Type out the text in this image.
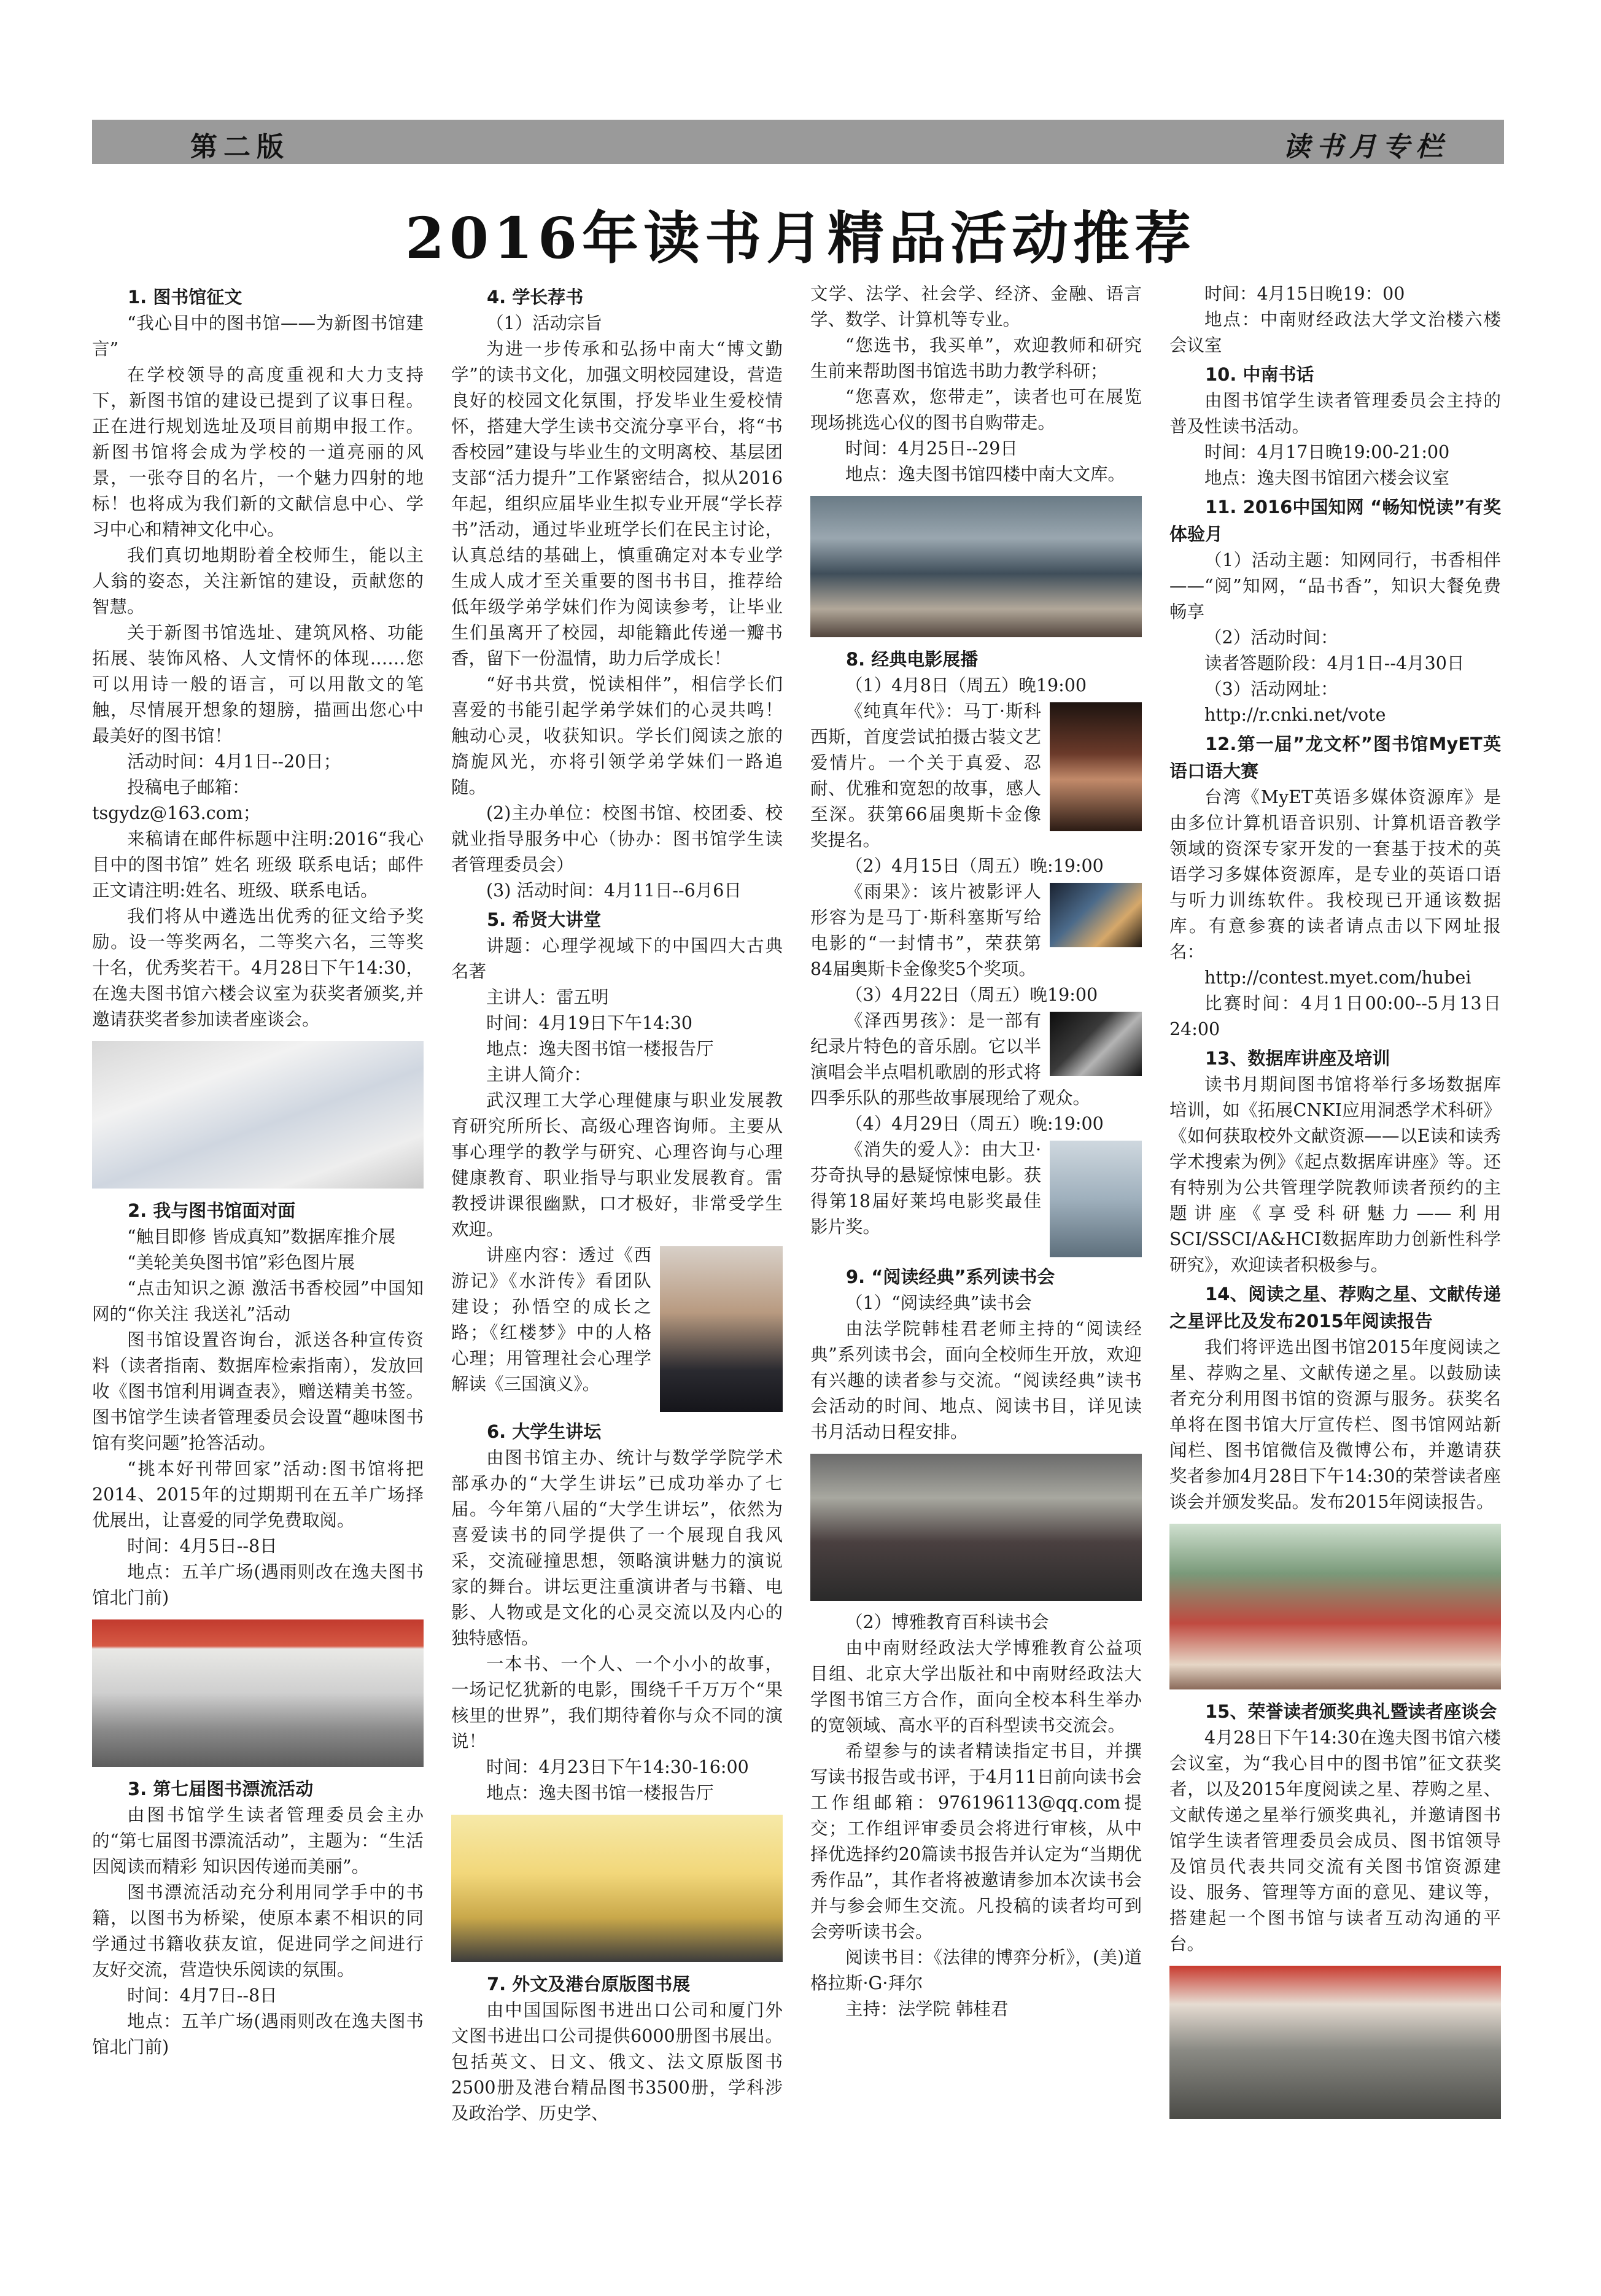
第二版	读书月专栏
2016年读书月精品活动推荐
1. 图书馆征文

“我心目中的图书馆——为新图书馆建言”

在学校领导的高度重视和大力支持下，新图书馆的建设已提到了议事日程。正在进行规划选址及项目前期申报工作。新图书馆将会成为学校的一道亮丽的风景，一张夺目的名片，一个魅力四射的地标！也将成为我们新的文献信息中心、学习中心和精神文化中心。

我们真切地期盼着全校师生，能以主人翁的姿态，关注新馆的建设，贡献您的智慧。

关于新图书馆选址、建筑风格、功能拓展、装饰风格、人文情怀的体现……您可以用诗一般的语言，可以用散文的笔触，尽情展开想象的翅膀，描画出您心中最美好的图书馆！

活动时间：4月1日--20日；

投稿电子邮箱：

tsgydz@163.com；

来稿请在邮件标题中注明:2016“我心目中的图书馆” 姓名 班级 联系电话；邮件正文请注明:姓名、班级、联系电话。

我们将从中遴选出优秀的征文给予奖励。设一等奖两名，二等奖六名，三等奖十名，优秀奖若干。4月28日下午14:30，在逸夫图书馆六楼会议室为获奖者颁奖,并邀请获奖者参加读者座谈会。

2. 我与图书馆面对面

“触目即修 皆成真知”数据库推介展

“美轮美奂图书馆”彩色图片展

“点击知识之源 激活书香校园”中国知网的“你关注 我送礼”活动

图书馆设置咨询台，派送各种宣传资料（读者指南、数据库检索指南），发放回收《图书馆利用调查表》，赠送精美书签。图书馆学生读者管理委员会设置“趣味图书馆有奖问题”抢答活动。

“挑本好刊带回家”活动:图书馆将把2014、2015年的过期期刊在五羊广场择优展出，让喜爱的同学免费取阅。

时间：4月5日--8日

地点：五羊广场(遇雨则改在逸夫图书馆北门前)

3. 第七届图书漂流活动

由图书馆学生读者管理委员会主办的“第七届图书漂流活动”，主题为：“生活因阅读而精彩 知识因传递而美丽”。

图书漂流活动充分利用同学手中的书籍，以图书为桥梁，使原本素不相识的同学通过书籍收获友谊，促进同学之间进行友好交流，营造快乐阅读的氛围。

时间：4月7日--8日

地点：五羊广场(遇雨则改在逸夫图书馆北门前)

4. 学长荐书

（1）活动宗旨

为进一步传承和弘扬中南大“博文勤学”的读书文化，加强文明校园建设，营造良好的校园文化氛围，抒发毕业生爱校情怀，搭建大学生读书交流分享平台，将“书香校园”建设与毕业生的文明离校、基层团支部“活力提升”工作紧密结合，拟从2016年起，组织应届毕业生拟专业开展“学长荐书”活动，通过毕业班学长们在民主讨论，认真总结的基础上，慎重确定对本专业学生成人成才至关重要的图书书目，推荐给低年级学弟学妹们作为阅读参考，让毕业生们虽离开了校园，却能籍此传递一瓣书香，留下一份温情，助力后学成长！

“好书共赏，悦读相伴”，相信学长们喜爱的书能引起学弟学妹们的心灵共鸣！触动心灵，收获知识。学长们阅读之旅的旖旎风光，亦将引领学弟学妹们一路追随。

(2)主办单位：校图书馆、校团委、校就业指导服务中心（协办：图书馆学生读者管理委员会）

(3) 活动时间：4月11日--6月6日

5. 希贤大讲堂

讲题：心理学视域下的中国四大古典名著

主讲人：雷五明

时间：4月19日下午14:30

地点：逸夫图书馆一楼报告厅

主讲人简介：

武汉理工大学心理健康与职业发展教育研究所所长、高级心理咨询师。主要从事心理学的教学与研究、心理咨询与心理健康教育、职业指导与职业发展教育。雷教授讲课很幽默，口才极好，非常受学生欢迎。

讲座内容：透过《西游记》《水浒传》看团队建设；孙悟空的成长之路；《红楼梦》中的人格心理；用管理社会心理学解读《三国演义》。

6. 大学生讲坛

由图书馆主办、统计与数学学院学术部承办的“大学生讲坛”已成功举办了七届。今年第八届的“大学生讲坛”，依然为喜爱读书的同学提供了一个展现自我风采，交流碰撞思想，领略演讲魅力的演说家的舞台。讲坛更注重演讲者与书籍、电影、人物或是文化的心灵交流以及内心的独特感悟。

一本书、一个人、一个小小的故事，一场记忆犹新的电影，围绕千千万万个“果核里的世界”，我们期待着你与众不同的演说！

时间：4月23日下午14:30-16:00

地点：逸夫图书馆一楼报告厅

7. 外文及港台原版图书展

由中国国际图书进出口公司和厦门外文图书进出口公司提供6000册图书展出。包括英文、日文、俄文、法文原版图书2500册及港台精品图书3500册，学科涉及政治学、历史学、

文学、法学、社会学、经济、金融、语言学、数学、计算机等专业。

“您选书，我买单”，欢迎教师和研究生前来帮助图书馆选书助力教学科研；

“您喜欢，您带走”，读者也可在展览现场挑选心仪的图书自购带走。

时间：4月25日--29日

地点：逸夫图书馆四楼中南大文库。

8. 经典电影展播

（1）4月8日（周五）晚19:00

《纯真年代》：马丁·斯科西斯，首度尝试拍摄古装文艺爱情片。一个关于真爱、忍耐、优雅和宽恕的故事，感人至深。获第66届奥斯卡金像奖提名。

（2）4月15日（周五）晚:19:00

《雨果》：该片被影评人形容为是马丁·斯科塞斯写给电影的“一封情书”，荣获第84届奥斯卡金像奖5个奖项。

（3）4月22日（周五）晚19:00

《泽西男孩》：是一部有纪录片特色的音乐剧。它以半演唱会半点唱机歌剧的形式将四季乐队的那些故事展现给了观众。

（4）4月29日（周五）晚:19:00

《消失的爱人》：由大卫·芬奇执导的悬疑惊悚电影。获得第18届好莱坞电影奖最佳影片奖。

9. “阅读经典”系列读书会

（1）“阅读经典”读书会

由法学院韩桂君老师主持的“阅读经典”系列读书会，面向全校师生开放，欢迎有兴趣的读者参与交流。“阅读经典”读书会活动的时间、地点、阅读书目，详见读书月活动日程安排。

（2）博雅教育百科读书会

由中南财经政法大学博雅教育公益项目组、北京大学出版社和中南财经政法大学图书馆三方合作，面向全校本科生举办的宽领域、高水平的百科型读书交流会。

希望参与的读者精读指定书目，并撰写读书报告或书评，于4月11日前向读书会工作组邮箱：976196113@qq.com提交；工作组评审委员会将进行审核，从中择优选择约20篇读书报告并认定为“当期优秀作品”，其作者将被邀请参加本次读书会并与参会师生交流。凡投稿的读者均可到会旁听读书会。

阅读书目：《法律的博弈分析》，(美)道格拉斯·G·拜尔

主持：法学院 韩桂君

时间：4月15日晚19：00

地点：中南财经政法大学文治楼六楼会议室

10. 中南书话

由图书馆学生读者管理委员会主持的普及性读书活动。

时间：4月17日晚19:00-21:00

地点：逸夫图书馆团六楼会议室

11. 2016中国知网 “畅知悦读”有奖体验月

（1）活动主题：知网同行，书香相伴——“阅”知网，“品书香”，知识大餐免费畅享

（2）活动时间：

读者答题阶段：4月1日--4月30日

（3）活动网址：

http://r.cnki.net/vote

12.第一届”龙文杯”图书馆MyET英语口语大赛

台湾《MyET英语多媒体资源库》是由多位计算机语音识别、计算机语音教学领域的资深专家开发的一套基于技术的英语学习多媒体资源库，是专业的英语口语与听力训练软件。我校现已开通该数据库。有意参赛的读者请点击以下网址报名：

http://contest.myet.com/hubei

比赛时间：4月1日00:00--5月13日24:00

13、数据库讲座及培训

读书月期间图书馆将举行多场数据库培训，如《拓展CNKI应用洞悉学术科研》《如何获取校外文献资源——以E读和读秀学术搜索为例》《起点数据库讲座》等。还有特别为公共管理学院教师读者预约的主题讲座《享受科研魅力——利用SCI/SSCI/A&HCI数据库助力创新性科学研究》，欢迎读者积极参与。

14、阅读之星、荐购之星、文献传递之星评比及发布2015年阅读报告

我们将评选出图书馆2015年度阅读之星、荐购之星、文献传递之星。以鼓励读者充分利用图书馆的资源与服务。获奖名单将在图书馆大厅宣传栏、图书馆网站新闻栏、图书馆微信及微博公布，并邀请获奖者参加4月28日下午14:30的荣誉读者座谈会并颁发奖品。发布2015年阅读报告。

15、荣誉读者颁奖典礼暨读者座谈会

4月28日下午14:30在逸夫图书馆六楼会议室，为“我心目中的图书馆”征文获奖者，以及2015年度阅读之星、荐购之星、文献传递之星举行颁奖典礼，并邀请图书馆学生读者管理委员会成员、图书馆领导及馆员代表共同交流有关图书馆资源建设、服务、管理等方面的意见、建议等，搭建起一个图书馆与读者互动沟通的平台。
